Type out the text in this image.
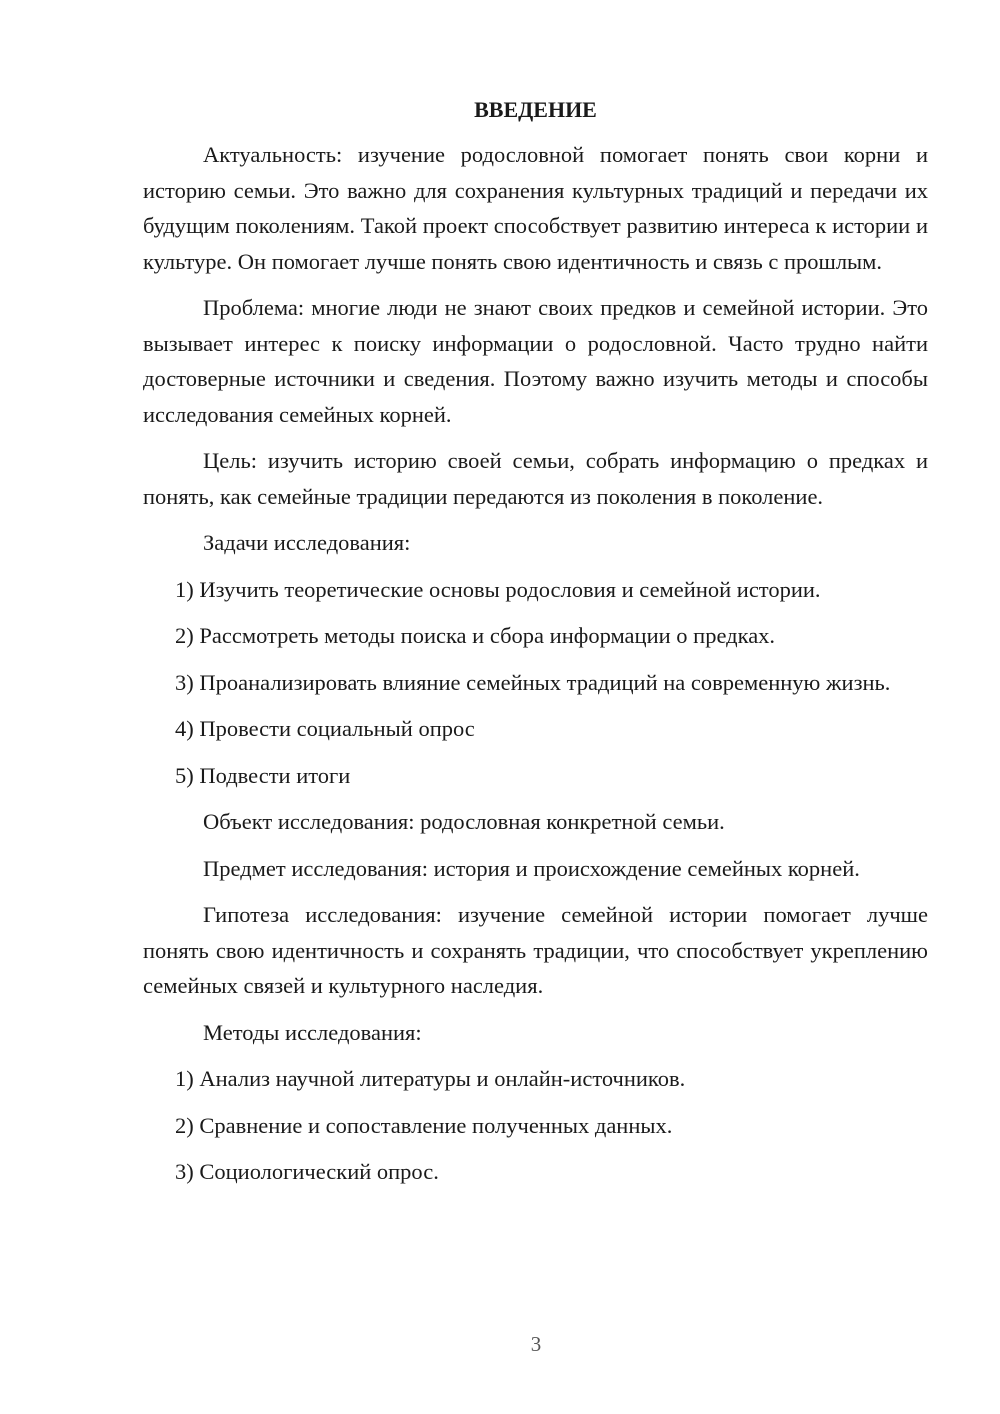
ВВЕДЕНИЕ

Актуальность: изучение родословной помогает понять свои корни и историю семьи. Это важно для сохранения культурных традиций и передачи их будущим поколениям. Такой проект способствует развитию интереса к истории и культуре. Он помогает лучше понять свою идентичность и связь с прошлым.

Проблема: многие люди не знают своих предков и семейной истории. Это вызывает интерес к поиску информации о родословной. Часто трудно найти достоверные источники и сведения. Поэтому важно изучить методы и способы исследования семейных корней.

Цель: изучить историю своей семьи, собрать информацию о предках и понять, как семейные традиции передаются из поколения в поколение.

Задачи исследования:

1) Изучить теоретические основы родословия и семейной истории.

2) Рассмотреть методы поиска и сбора информации о предках.

3) Проанализировать влияние семейных традиций на современную жизнь.

4) Провести социальный опрос

5) Подвести итоги

Объект исследования: родословная конкретной семьи.

Предмет исследования: история и происхождение семейных корней.

Гипотеза исследования: изучение семейной истории помогает лучше понять свою идентичность и сохранять традиции, что способствует укреплению семейных связей и культурного наследия.

Методы исследования:

1) Анализ научной литературы и онлайн-источников.

2) Сравнение и сопоставление полученных данных.

3) Социологический опрос.

3
